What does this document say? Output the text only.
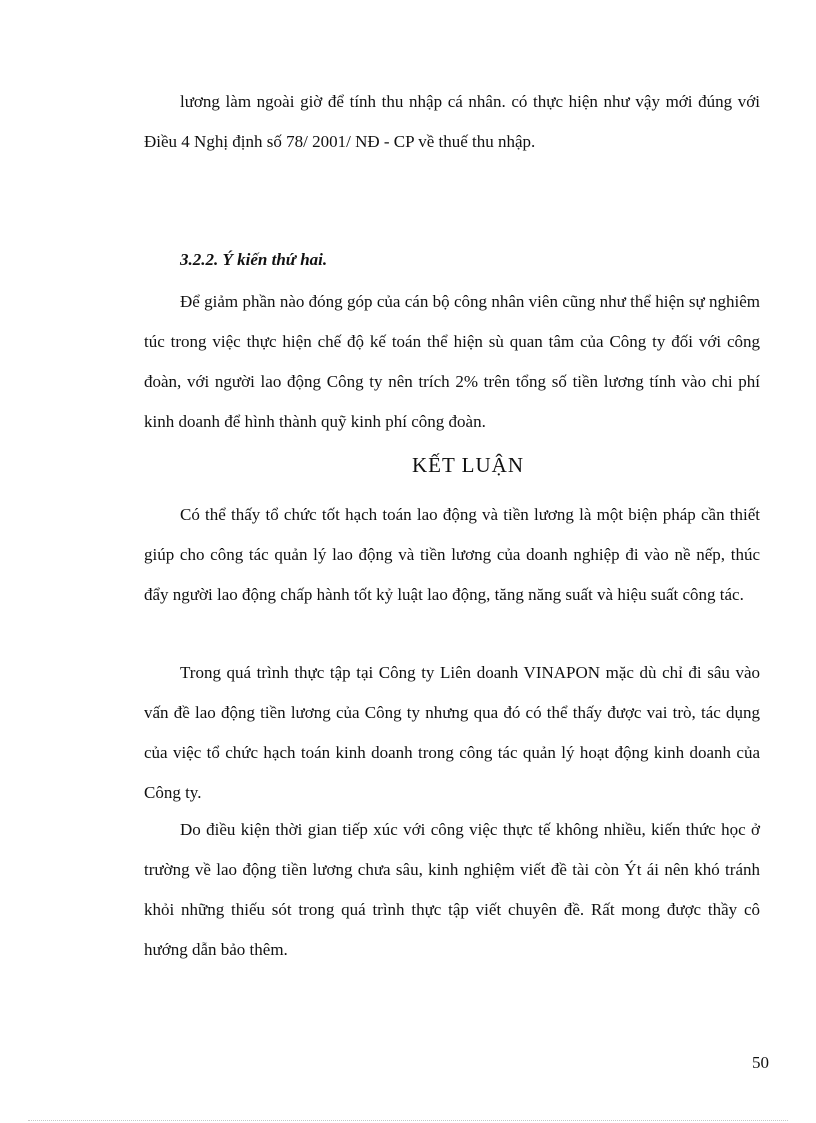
lương làm ngoài giờ để tính thu nhập cá nhân. có thực hiện như vậy mới đúng với Điều 4 Nghị định số 78/ 2001/ NĐ - CP về thuế thu nhập.

3.2.2. Ý kiến thứ hai.

Để giảm phần nào đóng góp của cán bộ công nhân viên cũng như thể hiện sự nghiêm túc trong việc thực hiện chế độ kế toán thể hiện sù quan tâm của Công ty đối với công đoàn, với người lao động Công ty nên trích 2% trên tổng số tiền lương tính vào chi phí kinh doanh để hình thành quỹ kinh phí công đoàn.

KẾT LUẬN

Có thể thấy tổ chức tốt hạch toán lao động và tiền lương là một biện pháp cần thiết giúp cho công tác quản lý lao động và tiền lương của doanh nghiệp đi vào nề nếp, thúc đẩy người lao động chấp hành tốt kỷ luật lao động, tăng năng suất và hiệu suất công tác.

Trong quá trình thực tập tại Công ty Liên doanh VINAPON mặc dù chỉ đi sâu vào vấn đề lao động tiền lương của Công ty nhưng qua đó có thể thấy được vai trò, tác dụng của việc tổ chức hạch toán kinh doanh trong công tác quản lý hoạt động kinh doanh của Công ty.

Do điều kiện thời gian tiếp xúc với công việc thực tế không nhiều, kiến thức học ở trường về lao động tiền lương chưa sâu, kinh nghiệm viết đề tài còn Ýt ái nên khó tránh khỏi những thiếu sót trong quá trình thực tập viết chuyên đề. Rất mong được thầy cô hướng dẫn bảo thêm.

50
